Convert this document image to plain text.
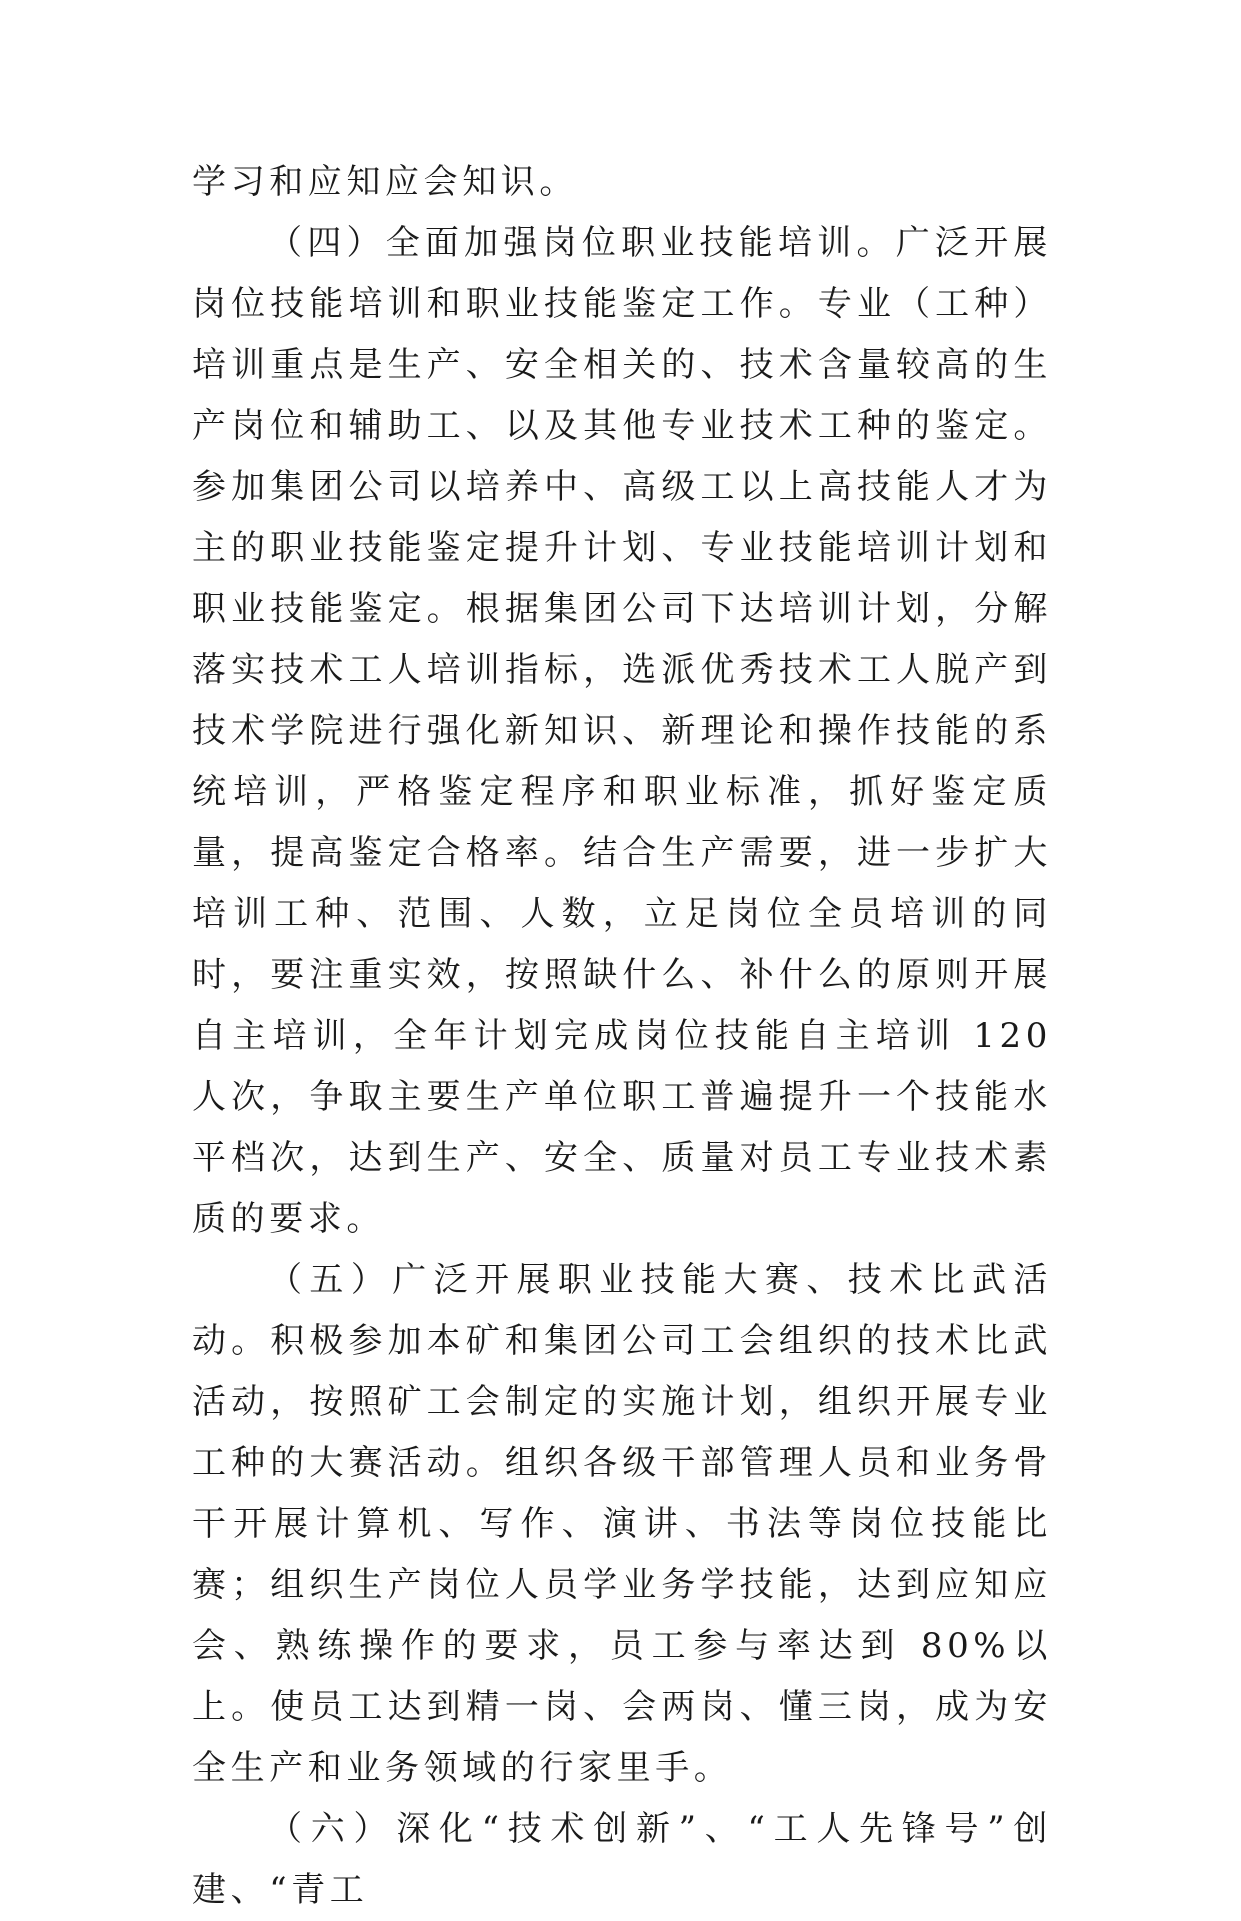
学习和应知应会知识。

（四）全面加强岗位职业技能培训。广泛开展岗位技能培训和职业技能鉴定工作。专业（工种）培训重点是生产、安全相关的、技术含量较高的生产岗位和辅助工、以及其他专业技术工种的鉴定。参加集团公司以培养中、高级工以上高技能人才为主的职业技能鉴定提升计划、专业技能培训计划和职业技能鉴定。根据集团公司下达培训计划，分解落实技术工人培训指标，选派优秀技术工人脱产到技术学院进行强化新知识、新理论和操作技能的系统培训，严格鉴定程序和职业标准，抓好鉴定质量，提高鉴定合格率。结合生产需要，进一步扩大培训工种、范围、人数，立足岗位全员培训的同时，要注重实效，按照缺什么、补什么的原则开展自主培训，全年计划完成岗位技能自主培训 120 人次，争取主要生产单位职工普遍提升一个技能水平档次，达到生产、安全、质量对员工专业技术素质的要求。

（五）广泛开展职业技能大赛、技术比武活动。积极参加本矿和集团公司工会组织的技术比武活动，按照矿工会制定的实施计划，组织开展专业工种的大赛活动。组织各级干部管理人员和业务骨干开展计算机、写作、演讲、书法等岗位技能比赛；组织生产岗位人员学业务学技能，达到应知应会、熟练操作的要求，员工参与率达到 80%以上。使员工达到精一岗、会两岗、懂三岗，成为安全生产和业务领域的行家里手。

（六）深化“技术创新”、“工人先锋号”创建、“青工
